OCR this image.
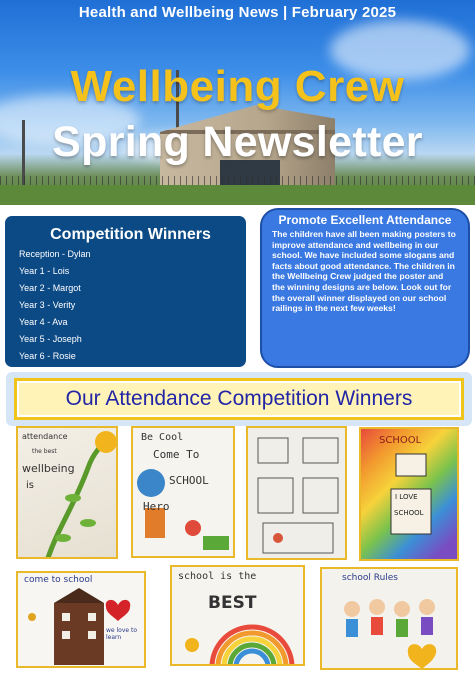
Health and Wellbeing News | February 2025
Wellbeing Crew
Spring Newsletter
Competition Winners
Reception - Dylan
Year 1 - Lois
Year 2 - Margot
Year 3 - Verity
Year 4 - Ava
Year 5 - Joseph
Year 6 - Rosie
Promote Excellent Attendance

The children have all been making posters to improve attendance and wellbeing in our school. We have included some slogans and facts about good attendance. The children in the Wellbeing Crew judged the poster and the winning designs are below. Look out for the overall winner displayed on our school railings in the next few weeks!

Our Attendance Competition Winners
attendance
the best
wellbeing
is
Be Cool
Come To
SCHOOL
Hero
SCHOOL
I LOVE
SCHOOL
come to school
we love to learn
school is the
BEST
school Rules
